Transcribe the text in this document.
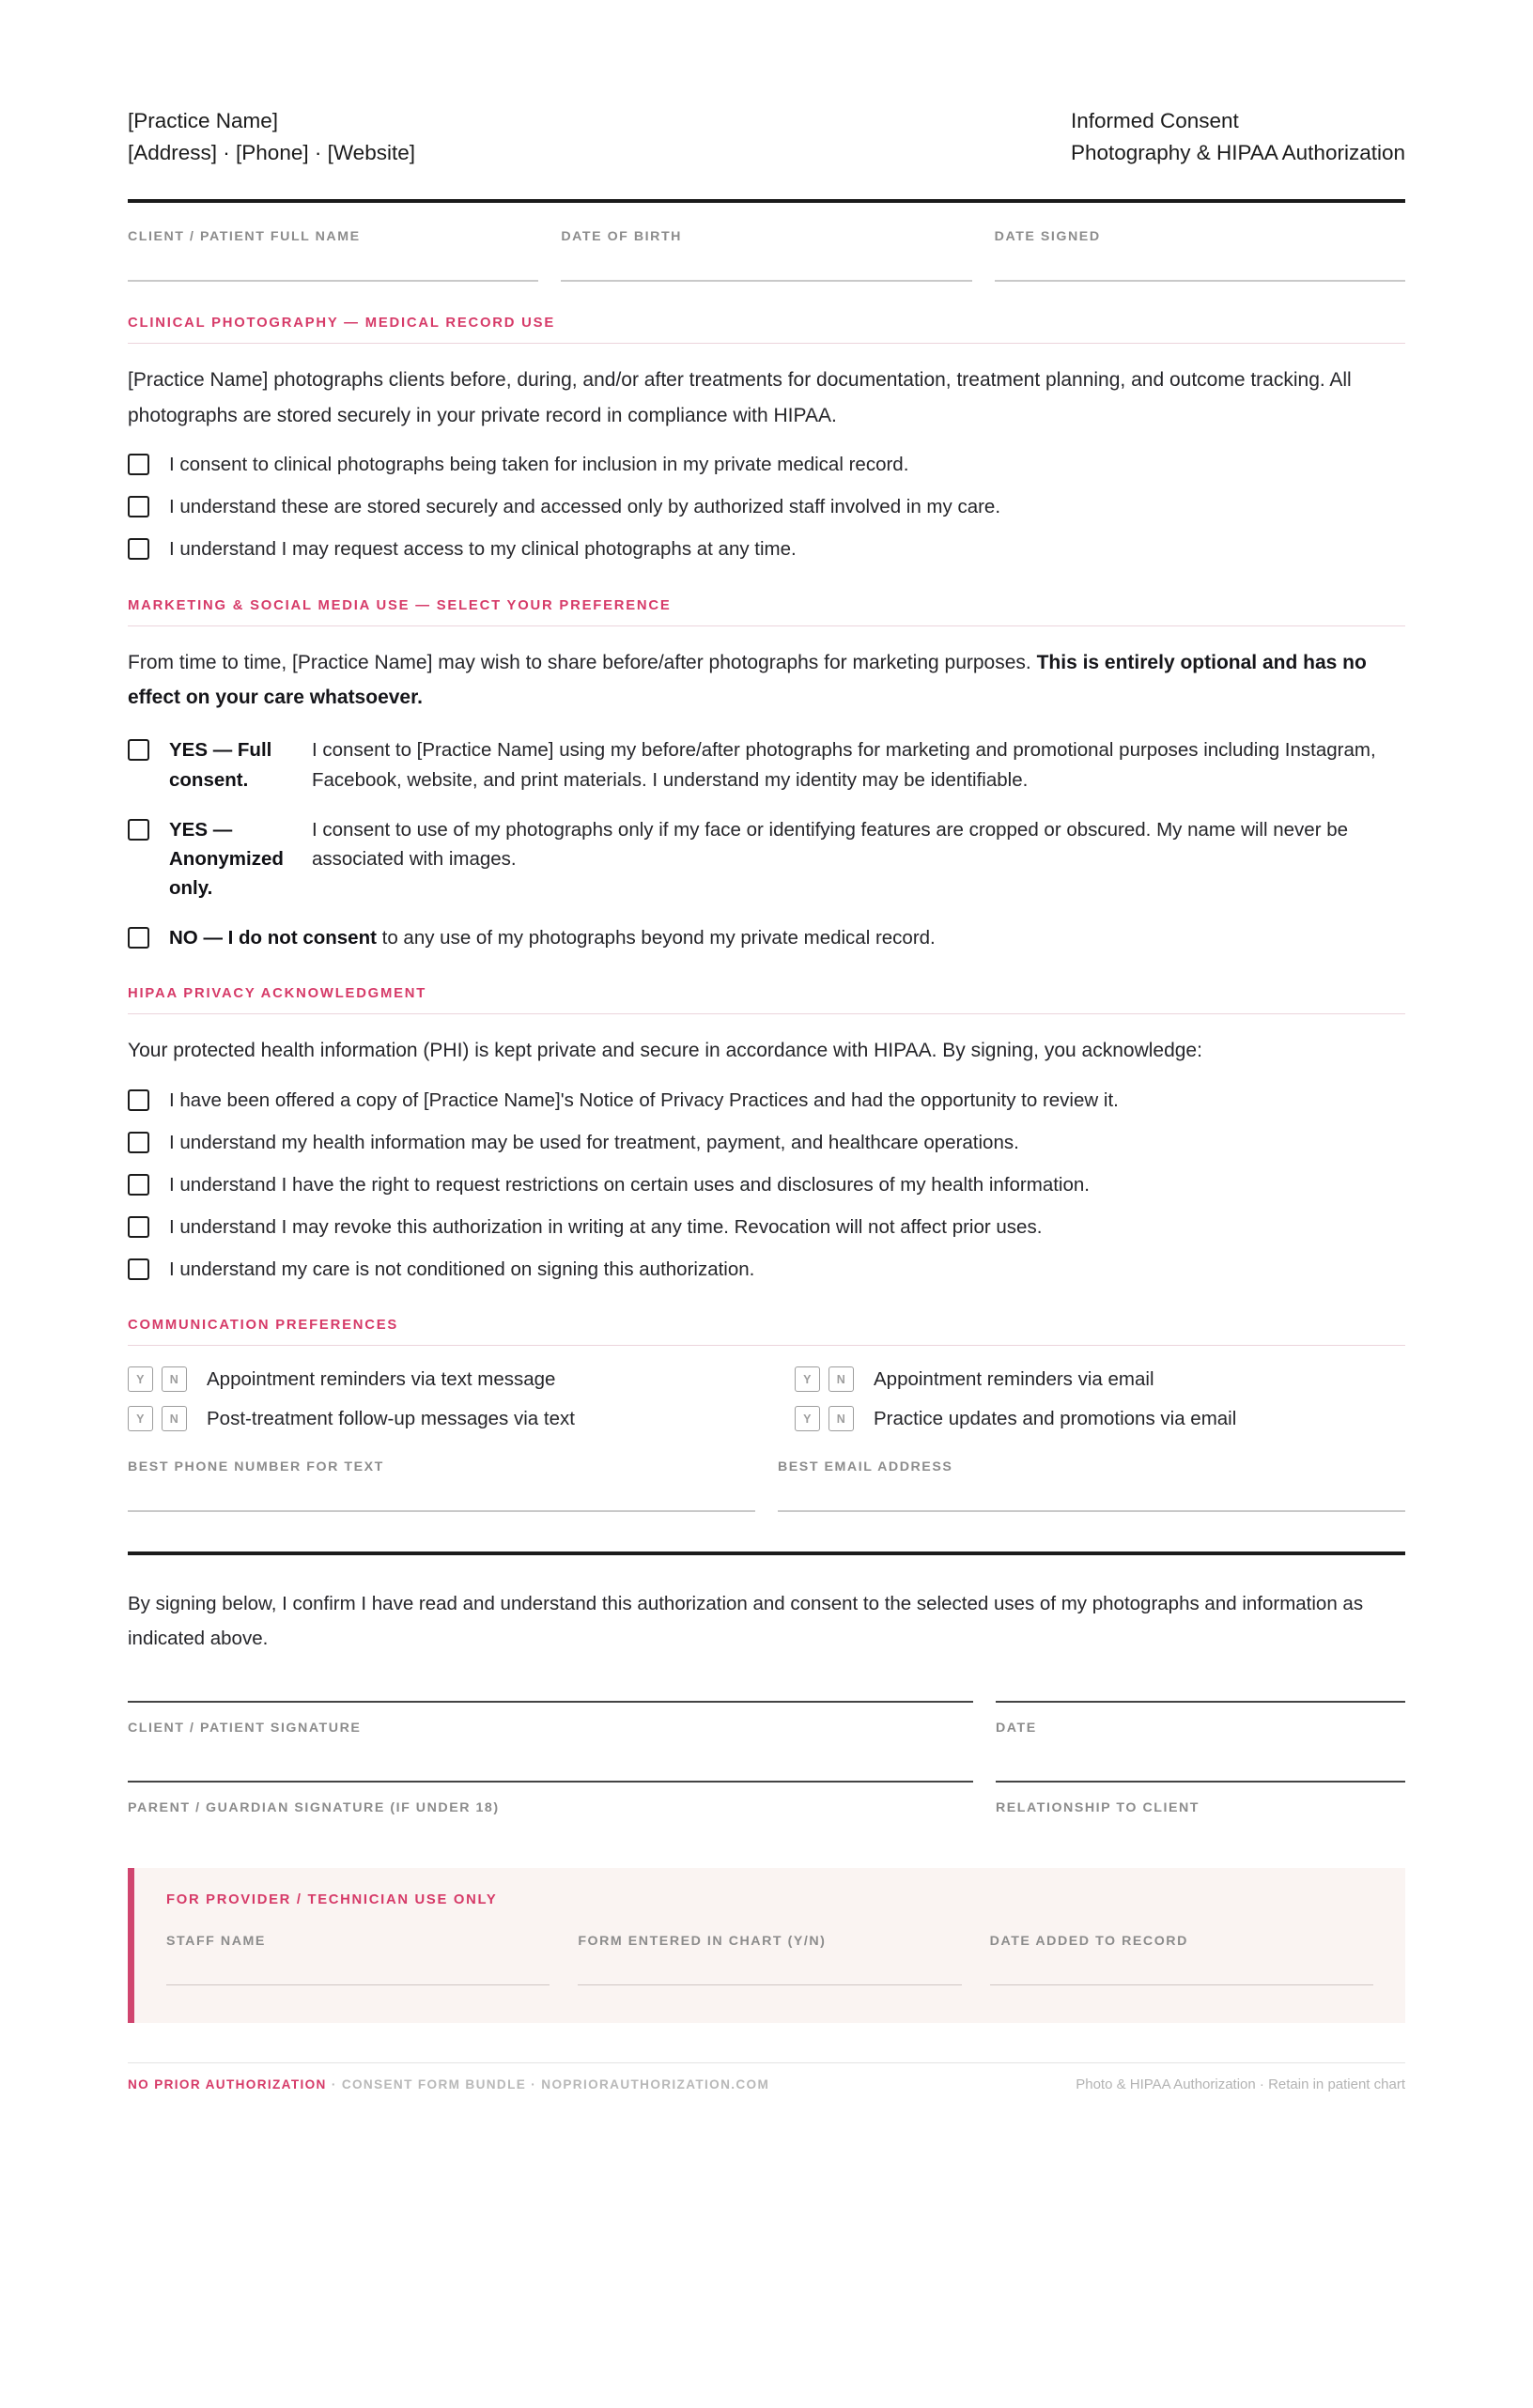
[Practice Name]
[Address] · [Phone] · [Website]
Informed Consent
Photography & HIPAA Authorization
CLIENT / PATIENT FULL NAME	DATE OF BIRTH	DATE SIGNED
CLINICAL PHOTOGRAPHY — MEDICAL RECORD USE

[Practice Name] photographs clients before, during, and/or after treatments for documentation, treatment planning, and outcome tracking. All photographs are stored securely in your private record in compliance with HIPAA.

I consent to clinical photographs being taken for inclusion in my private medical record.
I understand these are stored securely and accessed only by authorized staff involved in my care.
I understand I may request access to my clinical photographs at any time.
MARKETING & SOCIAL MEDIA USE — SELECT YOUR PREFERENCE

From time to time, [Practice Name] may wish to share before/after photographs for marketing purposes. This is entirely optional and has no effect on your care whatsoever.

YES — Full consent.
I consent to [Practice Name] using my before/after photographs for marketing and promotional purposes including Instagram, Facebook, website, and print materials. I understand my identity may be identifiable.
YES — Anonymized only.
I consent to use of my photographs only if my face or identifying features are cropped or obscured. My name will never be associated with images.
NO — I do not consent to any use of my photographs beyond my private medical record.
HIPAA PRIVACY ACKNOWLEDGMENT

Your protected health information (PHI) is kept private and secure in accordance with HIPAA. By signing, you acknowledge:

I have been offered a copy of [Practice Name]'s Notice of Privacy Practices and had the opportunity to review it.
I understand my health information may be used for treatment, payment, and healthcare operations.
I understand I have the right to request restrictions on certain uses and disclosures of my health information.
I understand I may revoke this authorization in writing at any time. Revocation will not affect prior uses.
I understand my care is not conditioned on signing this authorization.
COMMUNICATION PREFERENCES
Y	N	Appointment reminders via text message	Y	N	Appointment reminders via email
Y	N	Post-treatment follow-up messages via text	Y	N	Practice updates and promotions via email
BEST PHONE NUMBER FOR TEXT	BEST EMAIL ADDRESS

By signing below, I confirm I have read and understand this authorization and consent to the selected uses of my photographs and information as indicated above.

CLIENT / PATIENT SIGNATURE	DATE
PARENT / GUARDIAN SIGNATURE (IF UNDER 18)	RELATIONSHIP TO CLIENT
FOR PROVIDER / TECHNICIAN USE ONLY
STAFF NAME	FORM ENTERED IN CHART (Y/N)	DATE ADDED TO RECORD
NO PRIOR AUTHORIZATION · CONSENT FORM BUNDLE · NOPRIORAUTHORIZATION.COM	Photo & HIPAA Authorization · Retain in patient chart
